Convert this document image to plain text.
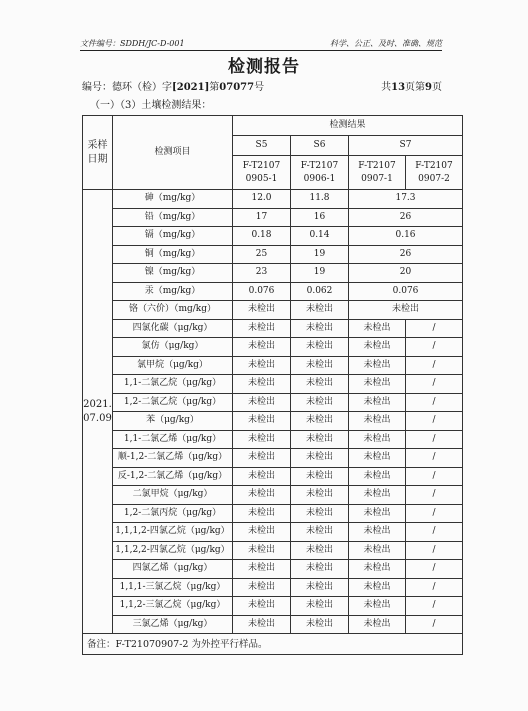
文件编号：SDDH/JC-D-001	科学、公正、及时、准确、规范
检测报告
编号：德环（检）字[2021]第07077号	共13页第9页
（一）（3）土壤检测结果：
采样日期	检测项目	检测结果			
		S5	S6	S7	
		F-T2107 0905-1	F-T2107 0906-1	F-T2107 0907-1	F-T2107 0907-2
2021. 07.09	砷（mg/kg）	12.0	11.8	17.3	
	铅（mg/kg）	17	16	26	
	镉（mg/kg）	0.18	0.14	0.16	
	铜（mg/kg）	25	19	26	
	镍（mg/kg）	23	19	20	
	汞（mg/kg）	0.076	0.062	0.076	
	铬（六价）（mg/kg）	未检出	未检出	未检出	
	四氯化碳（μg/kg）	未检出	未检出	未检出	/
	氯仿（μg/kg）	未检出	未检出	未检出	/
	氯甲烷（μg/kg）	未检出	未检出	未检出	/
	1,1-二氯乙烷（μg/kg）	未检出	未检出	未检出	/
	1,2-二氯乙烷（μg/kg）	未检出	未检出	未检出	/
	苯（μg/kg）	未检出	未检出	未检出	/
	1,1-二氯乙烯（μg/kg）	未检出	未检出	未检出	/
	顺-1,2-二氯乙烯（μg/kg）	未检出	未检出	未检出	/
	反-1,2-二氯乙烯（μg/kg）	未检出	未检出	未检出	/
	二氯甲烷（μg/kg）	未检出	未检出	未检出	/
	1,2-二氯丙烷（μg/kg）	未检出	未检出	未检出	/
	1,1,1,2-四氯乙烷（μg/kg）	未检出	未检出	未检出	/
	1,1,2,2-四氯乙烷（μg/kg）	未检出	未检出	未检出	/
	四氯乙烯（μg/kg）	未检出	未检出	未检出	/
	1,1,1-三氯乙烷（μg/kg）	未检出	未检出	未检出	/
	1,1,2-三氯乙烷（μg/kg）	未检出	未检出	未检出	/
	三氯乙烯（μg/kg）	未检出	未检出	未检出	/
备注：F-T21070907-2 为外控平行样品。					
